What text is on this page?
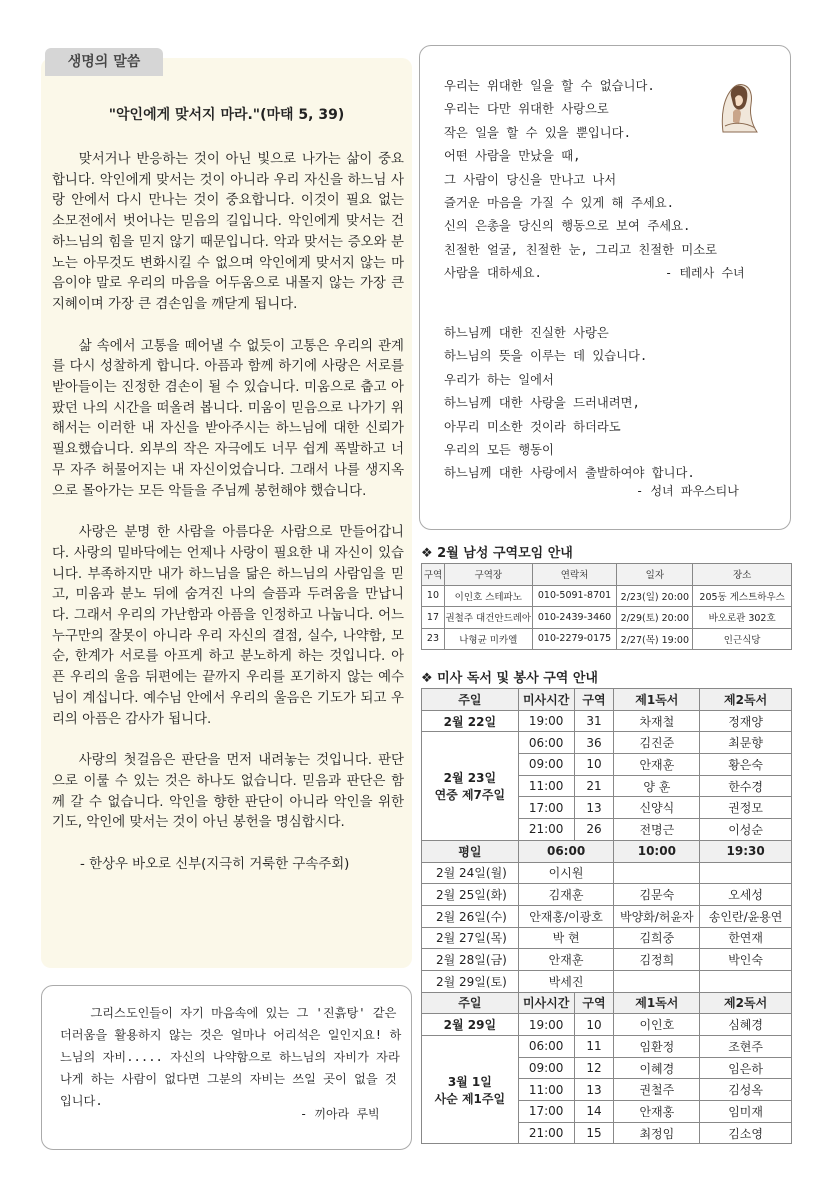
생명의 말씀
"악인에게 맞서지 마라."(마태 5, 39)

맞서거나 반응하는 것이 아닌 빛으로 나가는 삶이 중요합니다. 악인에게 맞서는 것이 아니라 우리 자신을 하느님 사랑 안에서 다시 만나는 것이 중요합니다. 이것이 필요 없는 소모전에서 벗어나는 믿음의 길입니다. 악인에게 맞서는 건 하느님의 힘을 믿지 않기 때문입니다. 악과 맞서는 증오와 분노는 아무것도 변화시킬 수 없으며 악인에게 맞서지 않는 마음이야 말로 우리의 마음을 어두움으로 내몰지 않는 가장 큰 지혜이며 가장 큰 겸손임을 깨닫게 됩니다.

삶 속에서 고통을 떼어낼 수 없듯이 고통은 우리의 관계를 다시 성찰하게 합니다. 아픔과 함께 하기에 사랑은 서로를 받아들이는 진정한 겸손이 될 수 있습니다. 미움으로 춥고 아팠던 나의 시간을 떠올려 봅니다. 미움이 믿음으로 나가기 위해서는 이러한 내 자신을 받아주시는 하느님에 대한 신뢰가 필요했습니다. 외부의 작은 자극에도 너무 쉽게 폭발하고 너무 자주 허물어지는 내 자신이었습니다. 그래서 나를 생지옥으로 몰아가는 모든 악들을 주님께 봉헌해야 했습니다.

사랑은 분명 한 사람을 아름다운 사람으로 만들어갑니다. 사랑의 밑바닥에는 언제나 사랑이 필요한 내 자신이 있습니다. 부족하지만 내가 하느님을 닮은 하느님의 사람임을 믿고, 미움과 분노 뒤에 숨겨진 나의 슬픔과 두려움을 만납니다. 그래서 우리의 가난함과 아픔을 인정하고 나눕니다. 어느 누구만의 잘못이 아니라 우리 자신의 결점, 실수, 나약함, 모순, 한계가 서로를 아프게 하고 분노하게 하는 것입니다. 아픈 우리의 울음 뒤편에는 끝까지 우리를 포기하지 않는 예수님이 계십니다. 예수님 안에서 우리의 울음은 기도가 되고 우리의 아픔은 감사가 됩니다.

사랑의 첫걸음은 판단을 먼저 내려놓는 것입니다. 판단으로 이룰 수 있는 것은 하나도 없습니다. 믿음과 판단은 함께 갈 수 없습니다. 악인을 향한 판단이 아니라 악인을 위한 기도, 악인에 맞서는 것이 아닌 봉헌을 명심합시다.

- 한상우 바오로 신부(지극히 거룩한 구속주회)

그리스도인들이 자기 마음속에 있는 그 '진흙탕' 같은 더러움을 활용하지 않는 것은 얼마나 어리석은 일인지요! 하느님의 자비..... 자신의 나약함으로 하느님의 자비가 자라나게 하는 사람이 없다면 그분의 자비는 쓰일 곳이 없을 것입니다.
- 끼아라 루빅
우리는 위대한 일을 할 수 없습니다.
우리는 다만 위대한 사랑으로
작은 일을 할 수 있을 뿐입니다.
어떤 사람을 만났을 때,
그 사람이 당신을 만나고 나서
즐거운 마음을 가질 수 있게 해 주세요.
신의 은총을 당신의 행동으로 보여 주세요.
친절한 얼굴, 친절한 눈, 그리고 친절한 미소로
사람을 대하세요.	- 테레사 수녀
하느님께 대한 진실한 사랑은
하느님의 뜻을 이루는 데 있습니다.
우리가 하는 일에서
하느님께 대한 사랑을 드러내려면,
아무리 미소한 것이라 하더라도
우리의 모든 행동이
하느님께 대한 사랑에서 출발하여야 합니다.
- 성녀 파우스티나
❖ 2월 남성 구역모임 안내
구역	구역장	연락처	일자	장소
10	이인호 스테파노	010-5091-8701	2/23(일) 20:00	205동 게스트하우스
17	권철주 대건안드레아	010-2439-3460	2/29(토) 20:00	바오로관 302호
23	나형균 미카엘	010-2279-0175	2/27(목) 19:00	인근식당
❖ 미사 독서 및 봉사 구역 안내
주일	미사시간	구역	제1독서	제2독서
2월 22일	19:00	31	차재철	정재양

2월 23일
연중 제7주일	06:00	36	김진준	최문향
	09:00	10	안재훈	황은숙
	11:00	21	양 훈	한수경
	17:00	13	신양식	권정모
	21:00	26	전명근	이성순
평일	06:00		10:00	19:30
2월 24일(월)	이시원			
2월 25일(화)	김재훈		김문숙	오세성
2월 26일(수)	안재홍/이광호		박양화/허윤자	송인란/윤용연
2월 27일(목)	박 현		김희중	한연재
2월 28일(금)	안재훈		김정희	박인숙
2월 29일(토)	박세진			
주일	미사시간	구역	제1독서	제2독서
2월 29일	19:00	10	이인호	심혜경

3월 1일
사순 제1주일	06:00	11	임환정	조현주
	09:00	12	이혜경	임은하
	11:00	13	권철주	김성옥
	17:00	14	안재홍	임미재
	21:00	15	최정임	김소영
